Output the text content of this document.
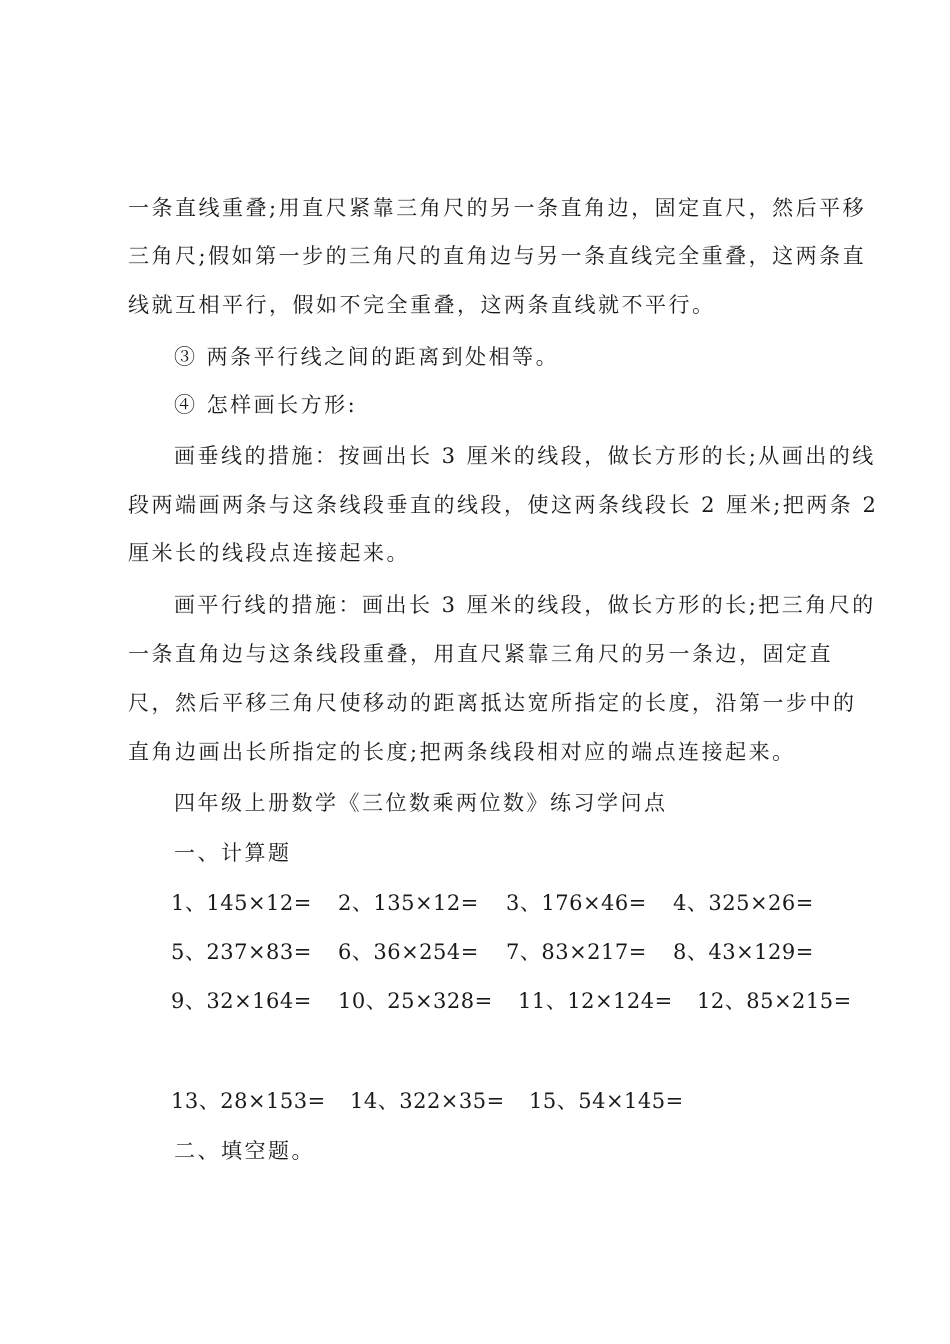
一条直线重叠;用直尺紧靠三角尺的另一条直角边，固定直尺，然后平移
三角尺;假如第一步的三角尺的直角边与另一条直线完全重叠，这两条直
线就互相平行，假如不完全重叠，这两条直线就不平行。
③ 两条平行线之间的距离到处相等。
④ 怎样画长方形:
画垂线的措施：按画出长 3 厘米的线段，做长方形的长;从画出的线
段两端画两条与这条线段垂直的线段，使这两条线段长 2 厘米;把两条 2
厘米长的线段点连接起来。
画平行线的措施：画出长 3 厘米的线段，做长方形的长;把三角尺的
一条直角边与这条线段重叠，用直尺紧靠三角尺的另一条边，固定直
尺，然后平移三角尺使移动的距离抵达宽所指定的长度，沿第一步中的
直角边画出长所指定的长度;把两条线段相对应的端点连接起来。
四年级上册数学《三位数乘两位数》练习学问点
一、计算题
1、145×12= 2、135×12= 3、176×46= 4、325×26=
5、237×83= 6、36×254= 7、83×217= 8、43×129=
9、32×164= 10、25×328= 11、12×124= 12、85×215=
13、28×153= 14、322×35= 15、54×145=
二、填空题。
